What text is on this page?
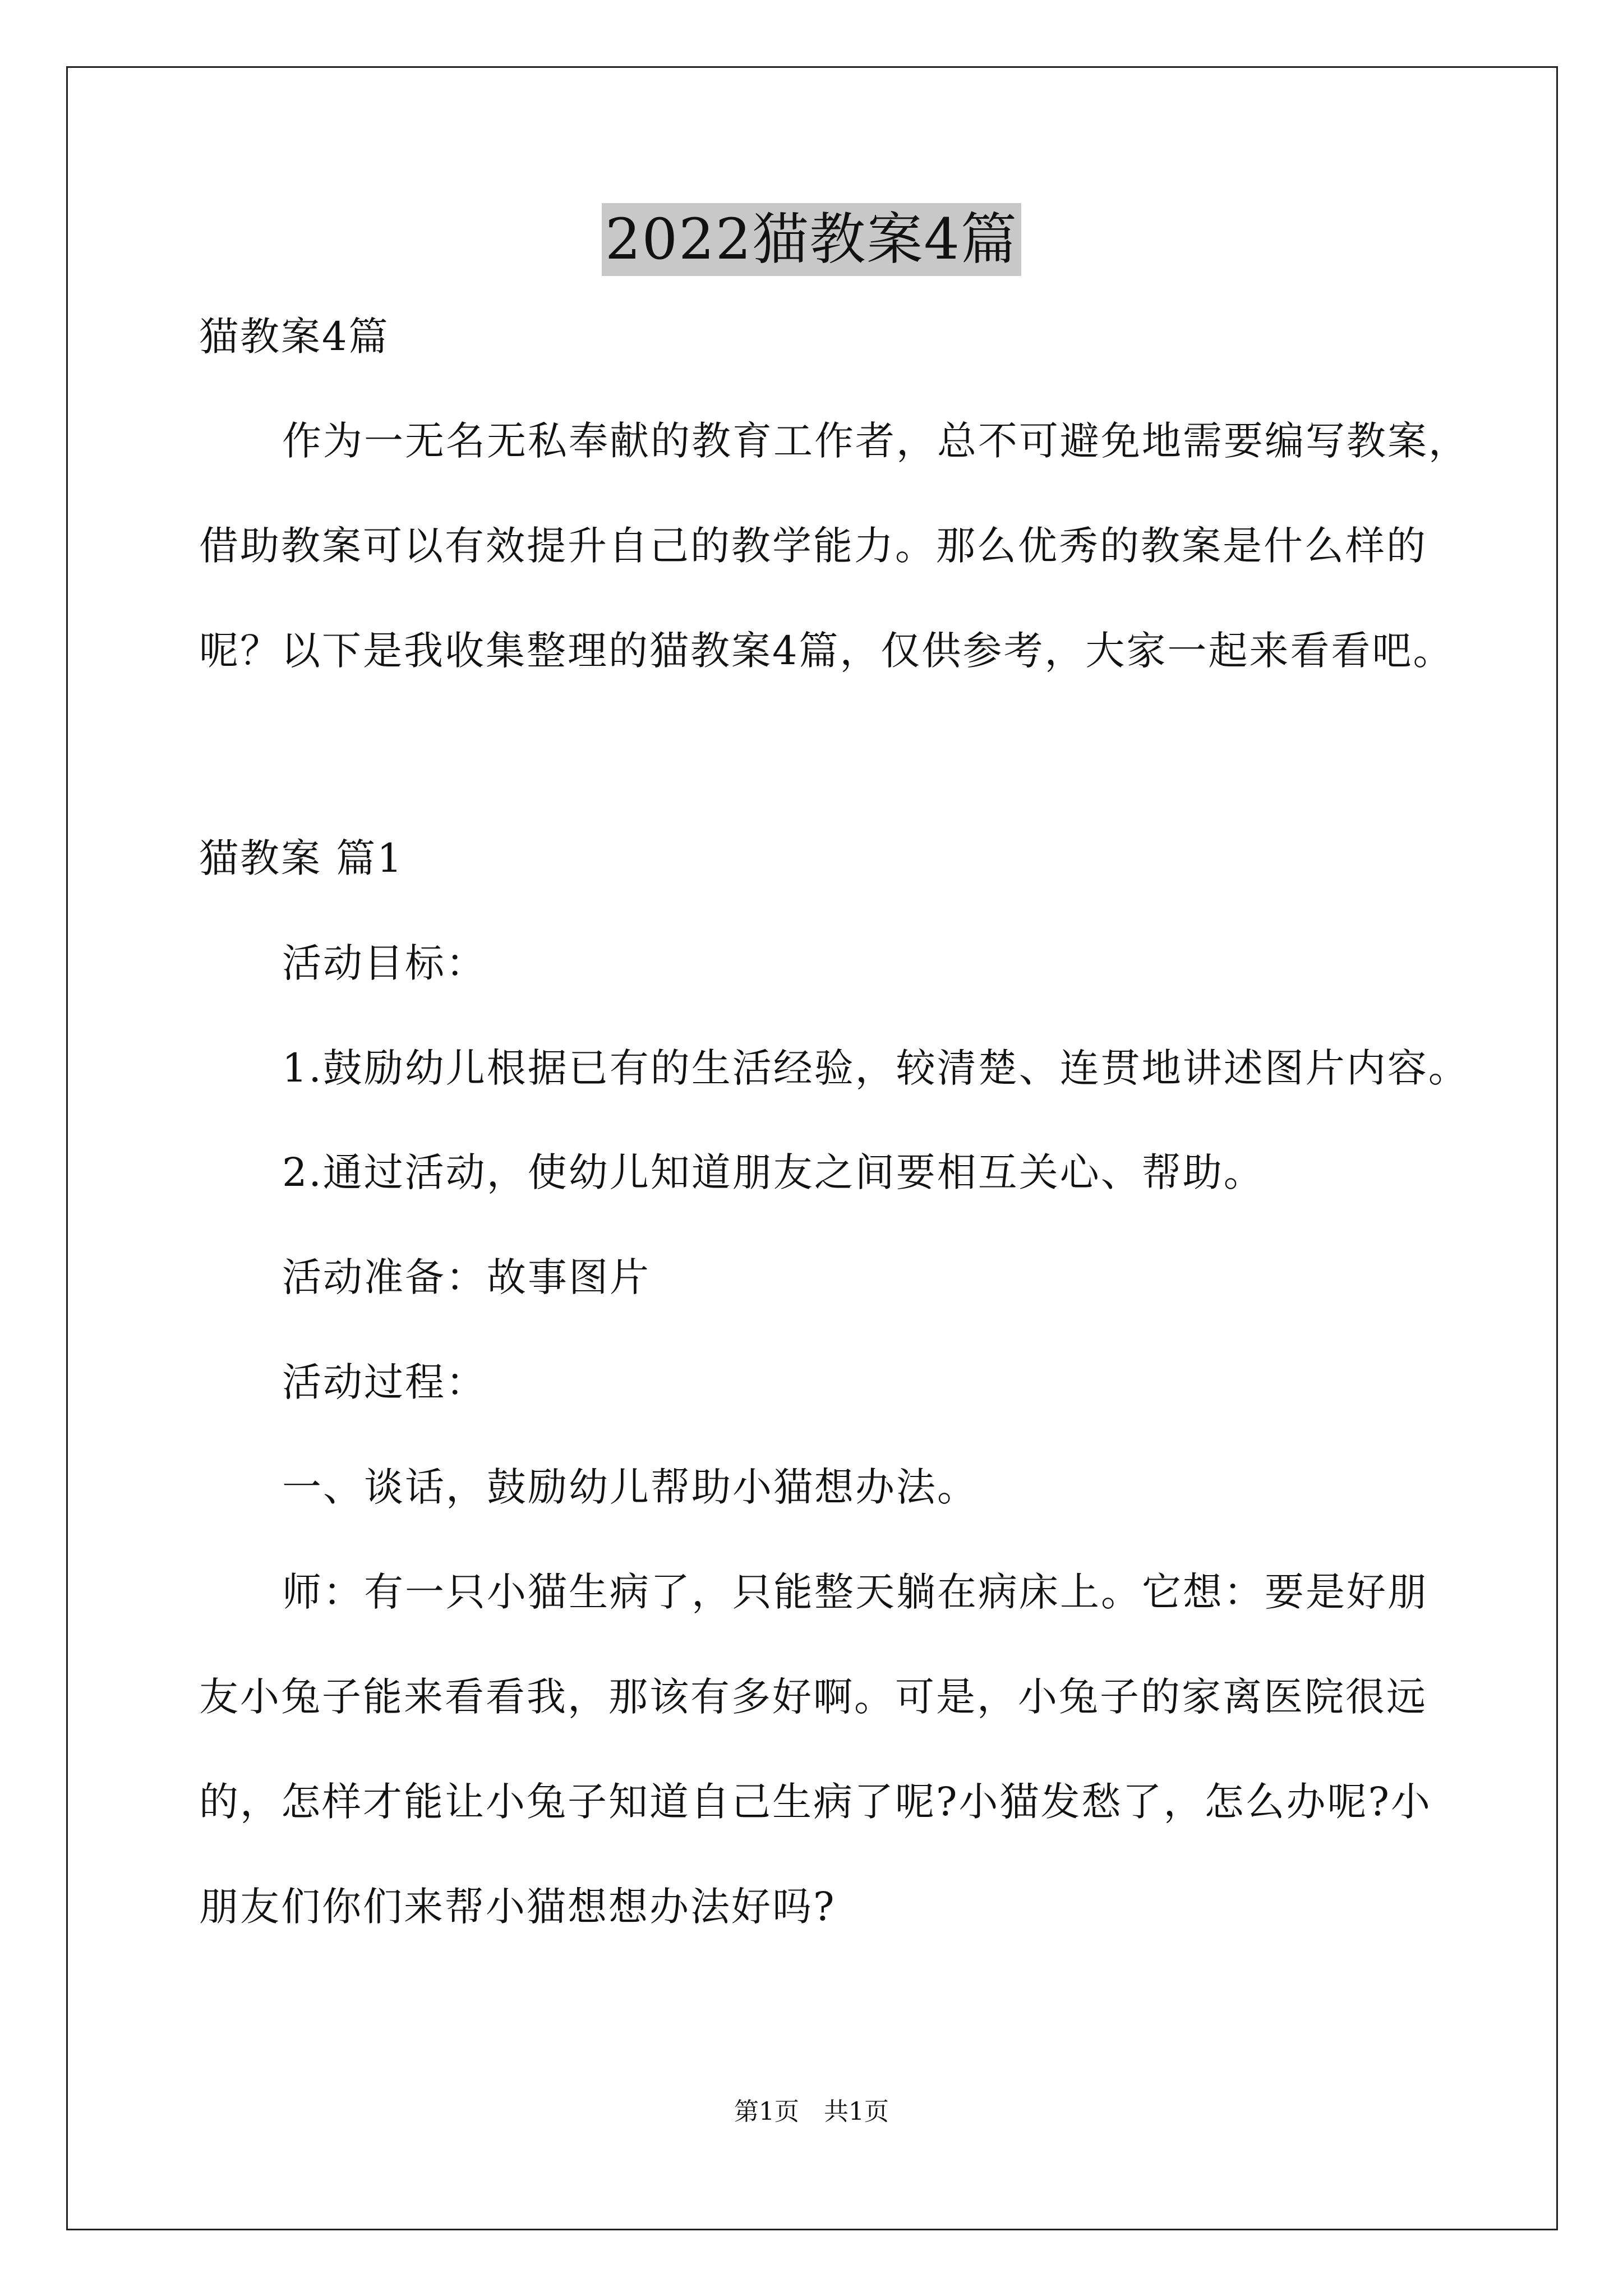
2022猫教案4篇
猫教案4篇
作为一无名无私奉献的教育工作者，总不可避免地需要编写教案，
借助教案可以有效提升自己的教学能力。那么优秀的教案是什么样的
呢？以下是我收集整理的猫教案4篇，仅供参考，大家一起来看看吧。
猫教案 篇1
活动目标：
1.鼓励幼儿根据已有的生活经验，较清楚、连贯地讲述图片内容。
2.通过活动，使幼儿知道朋友之间要相互关心、帮助。
活动准备：故事图片
活动过程：
一、谈话，鼓励幼儿帮助小猫想办法。
师：有一只小猫生病了，只能整天躺在病床上。它想：要是好朋
友小兔子能来看看我，那该有多好啊。可是，小兔子的家离医院很远
的，怎样才能让小兔子知道自己生病了呢?小猫发愁了，怎么办呢?小
朋友们你们来帮小猫想想办法好吗?
第1页 共1页
